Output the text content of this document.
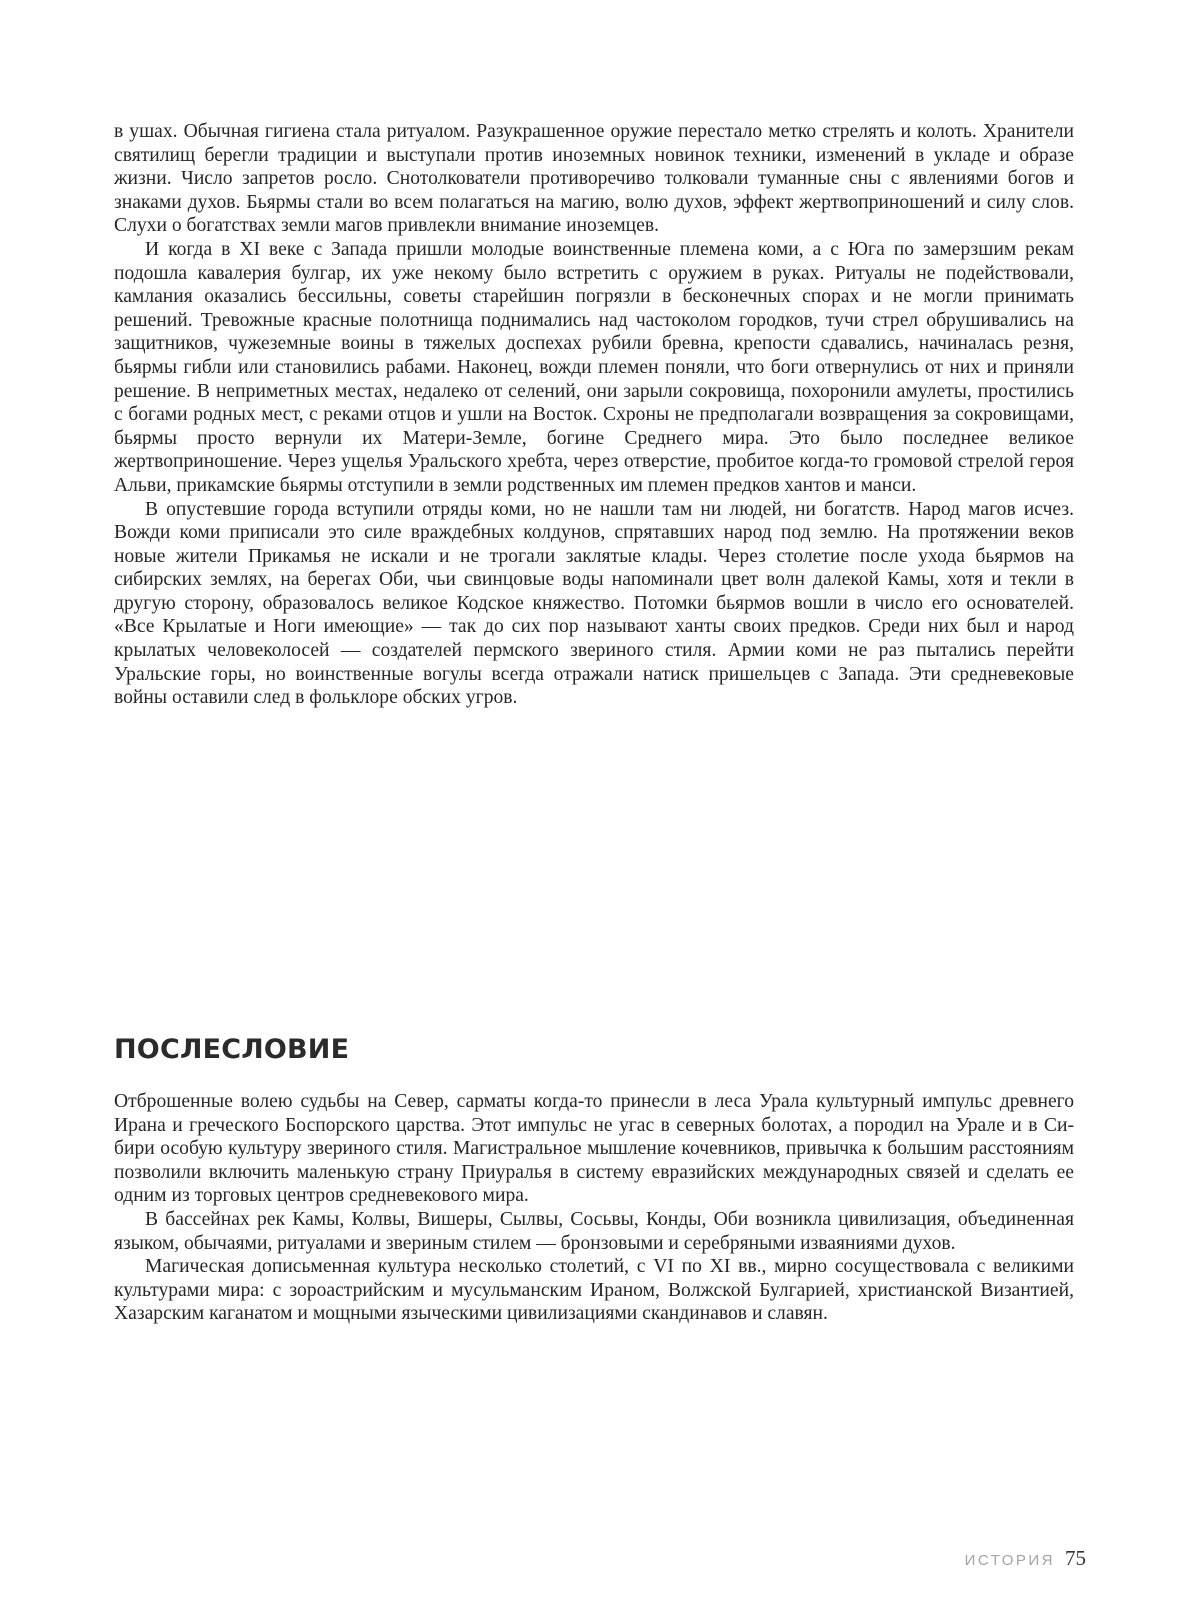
в ушах. Обычная гигиена стала ритуалом. Разукрашенное оружие перестало метко стрелять и колоть. Хранители святилищ берегли традиции и выступали против иноземных новинок техники, изменений в укладе и образе жизни. Число запретов росло. Снотолкователи противоречиво толковали туманные сны с явлениями богов и знаками духов. Бьярмы стали во всем полагаться на магию, волю духов, эффект жертвоприношений и силу слов. Слухи о богатствах земли магов привлекли внимание иноземцев.

И когда в XI веке с Запада пришли молодые воинственные племена коми, а с Юга по замерзшим рекам подошла кавалерия булгар, их уже некому было встретить с оружием в руках. Ритуалы не подействовали, камлания оказались бессильны, советы старейшин погрязли в бесконечных спорах и не могли принимать решений. Тревожные красные полотнища поднимались над частоколом городков, тучи стрел обрушивались на защитников, чужеземные воины в тяжелых доспехах рубили бревна, крепости сдавались, начиналась резня, бьярмы гибли или становились рабами. Наконец, вожди племен поняли, что боги отвернулись от них и приняли решение. В неприметных местах, недалеко от селений, они зарыли сокровища, похоронили амулеты, простились с богами родных мест, с реками отцов и ушли на Восток. Схроны не предполагали возвращения за сокровищами, бьярмы просто вернули их Матери-Земле, богине Среднего мира. Это было последнее великое жертвоприношение. Через ущелья Уральского хребта, через отверстие, пробитое когда-то громовой стрелой героя Альви, прикамские бьярмы отступили в земли родственных им племен предков хантов и манси.

В опустевшие города вступили отряды коми, но не нашли там ни людей, ни богатств. Народ магов исчез. Вожди коми приписали это силе враждебных колдунов, спрятавших народ под землю. На протяжении веков новые жители Прикамья не искали и не трогали заклятые клады. Через столетие после ухода бьярмов на сибирских землях, на берегах Оби, чьи свинцовые воды напоминали цвет волн далекой Камы, хотя и текли в другую сторону, образовалось великое Кодское княжество. Потомки бьярмов вошли в число его основателей. «Все Крылатые и Ноги имеющие» — так до сих пор называют ханты своих предков. Среди них был и народ крылатых человеколосей — создателей пермского звериного стиля. Армии коми не раз пытались перейти Уральские горы, но воинственные вогулы всегда отражали натиск пришельцев с Запада. Эти средневековые войны оставили след в фольклоре обских угров.

ПОСЛЕСЛОВИЕ

Отброшенные волею судьбы на Север, сарматы когда-то принесли в леса Урала культурный импульс древнего Ирана и греческого Боспорского царства. Этот импульс не угас в северных болотах, а породил на Урале и в Сибири особую культуру звериного стиля. Магистральное мышление кочевников, привычка к большим расстояниям позволили включить маленькую страну Приуралья в систему евразийских международных связей и сделать ее одним из торговых центров средневекового мира.

В бассейнах рек Камы, Колвы, Вишеры, Сылвы, Сосьвы, Конды, Оби возникла цивилизация, объединенная языком, обычаями, ритуалами и звериным стилем — бронзовыми и серебряными изваяниями духов.

Магическая дописьменная культура несколько столетий, с VI по XI вв., мирно сосуществовала с великими культурами мира: с зороастрийским и мусульманским Ираном, Волжской Булгарией, христианской Византией, Хазарским каганатом и мощными языческими цивилизациями скандинавов и славян.

ИСТОРИЯ 75
